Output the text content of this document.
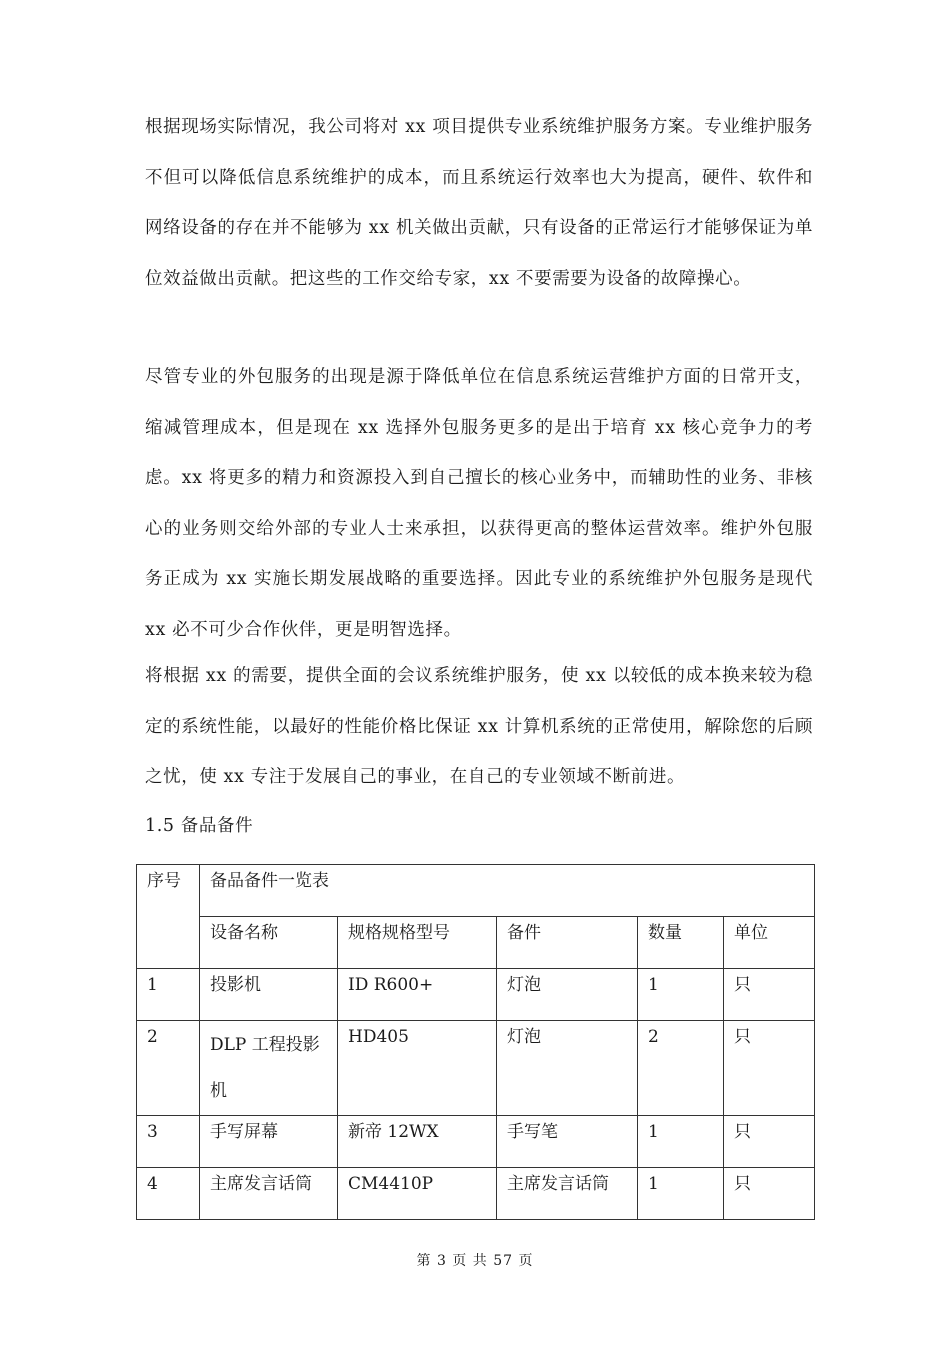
根据现场实际情况，我公司将对 xx 项目提供专业系统维护服务方案。专业维护服务不但可以降低信息系统维护的成本，而且系统运行效率也大为提高，硬件、软件和网络设备的存在并不能够为 xx 机关做出贡献，只有设备的正常运行才能够保证为单位效益做出贡献。把这些的工作交给专家，xx 不要需要为设备的故障操心。

尽管专业的外包服务的出现是源于降低单位在信息系统运营维护方面的日常开支，缩减管理成本，但是现在 xx 选择外包服务更多的是出于培育 xx 核心竞争力的考虑。xx 将更多的精力和资源投入到自己擅长的核心业务中，而辅助性的业务、非核心的业务则交给外部的专业人士来承担，以获得更高的整体运营效率。维护外包服务正成为 xx 实施长期发展战略的重要选择。因此专业的系统维护外包服务是现代 xx 必不可少合作伙伴，更是明智选择。

将根据 xx 的需要，提供全面的会议系统维护服务，使 xx 以较低的成本换来较为稳定的系统性能，以最好的性能价格比保证 xx 计算机系统的正常使用，解除您的后顾之忧，使 xx 专注于发展自己的事业，在自己的专业领域不断前进。

1.5 备品备件

序号	备品备件一览表				
	设备名称	规格规格型号	备件	数量	单位
1	投影机	ID R600+	灯泡	1	只
2	DLP 工程投影机	HD405	灯泡	2	只
3	手写屏幕	新帝 12WX	手写笔	1	只
4	主席发言话筒	CM4410P	主席发言话筒	1	只
第 3 页 共 57 页
